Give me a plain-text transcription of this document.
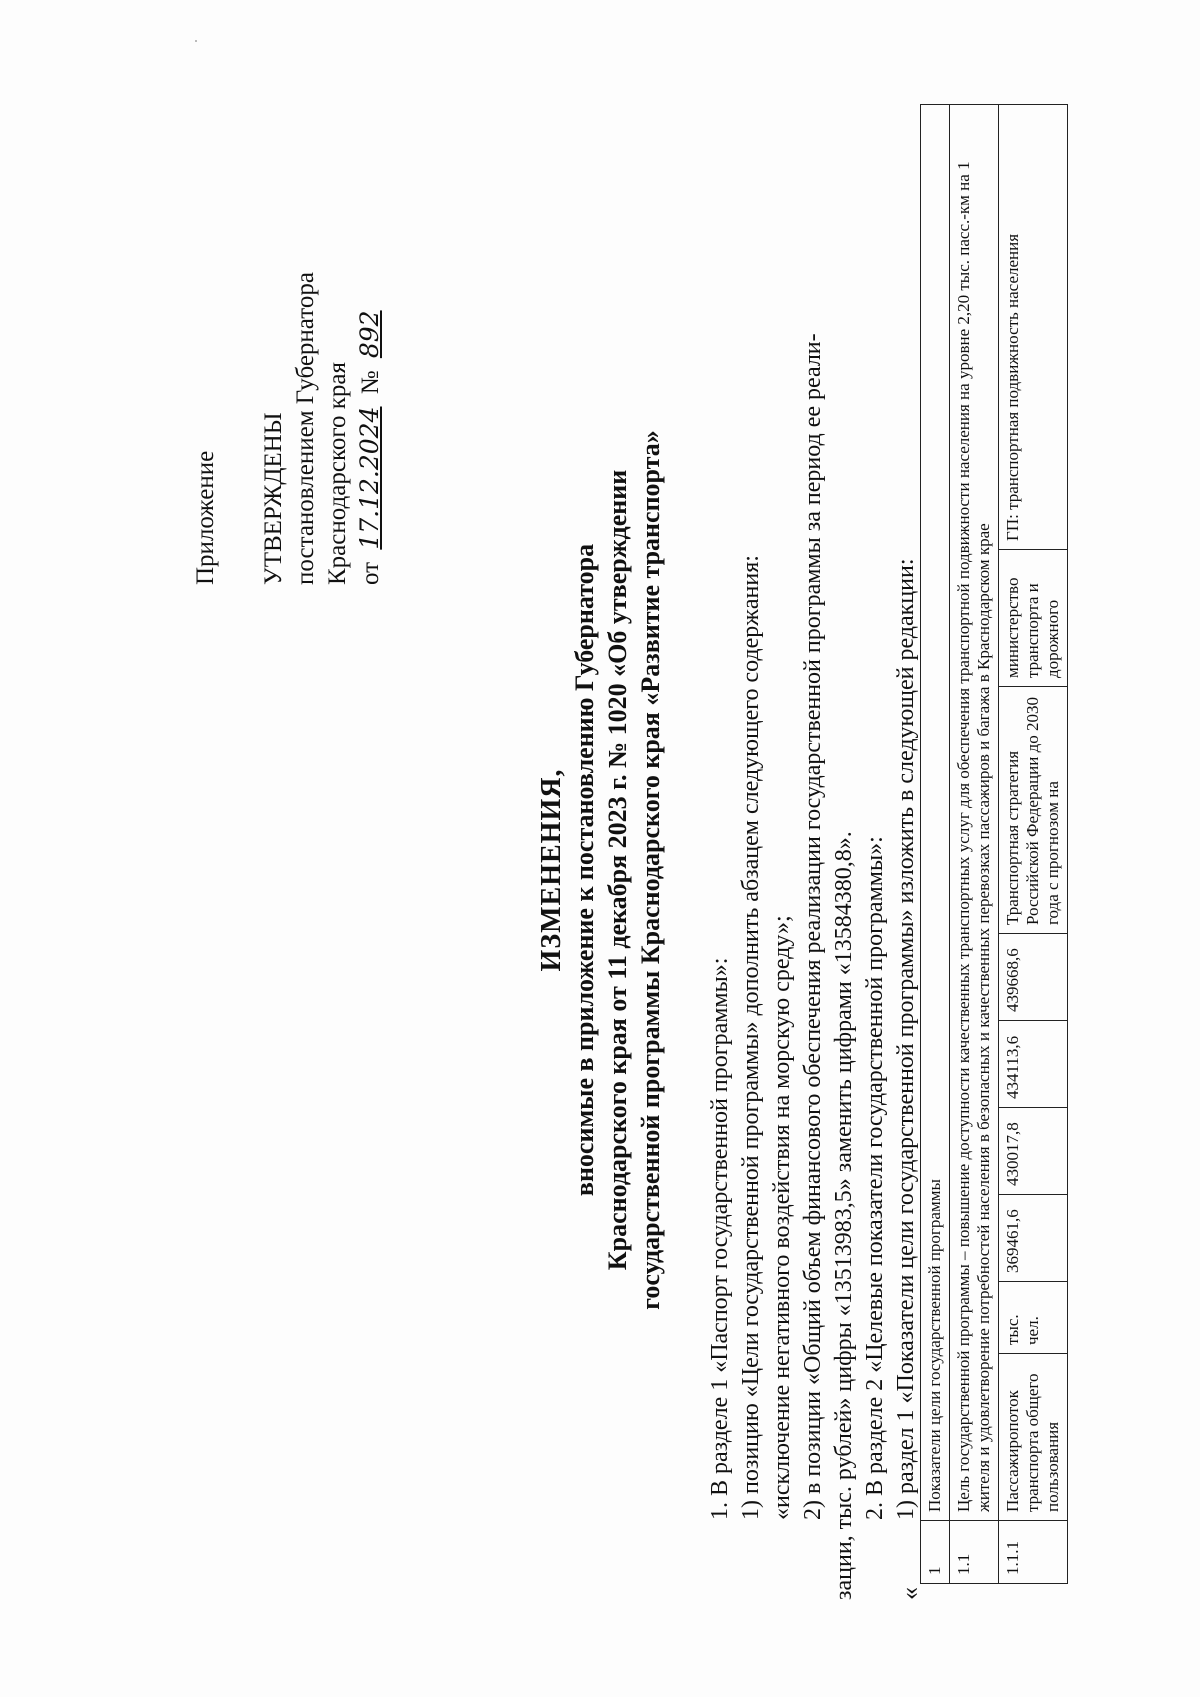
Приложение УТВЕРЖДЕНЫ постановлением Губернатора Краснодарского края от 17.12.2024 № 892
ИЗМЕНЕНИЯ, вносимые в приложение к постановлению Губернатора Краснодарского края от 11 декабря 2023 г. № 1020 «Об утверждении государственной программы Краснодарского края «Развитие транспорта» 1. В разделе 1 «Паспорт государственной программы»: 1) позицию «Цели государственной программы» дополнить абзацем следующего содержания: «исключение негативного воздействия на морскую среду»; 2) в позиции «Общий объем финансового обеспечения реализации государственной программы за период ее реали- зации, тыс. рублей» цифры «13513983,5» заменить цифрами «13584380,8». 2. В разделе 2 «Целевые показатели государственной программы»: 1) раздел 1 «Показатели цели государственной программы» изложить в следующей редакции:

«
1	Показатели цели государственной программы								
1.1	Цель государственной программы – повышение доступности качественных транспортных услуг для обеспечения транспортной подвижности населения на уровне 2,20 тыс. пасс.-км на 1 жителя и удовлетворение потребностей населения в безопасных и качественных перевозках пассажиров и багажа в Краснодарском крае								
1.1.1	Пассажиропоток транспорта общего пользования	тыс. чел.	369461,6	430017,8	434113,6	439668,6	Транспортная стратегия Российской Федерации до 2030 года с прогнозом на	министерство транспорта и дорожного	ГП: транспортная подвижность населения
